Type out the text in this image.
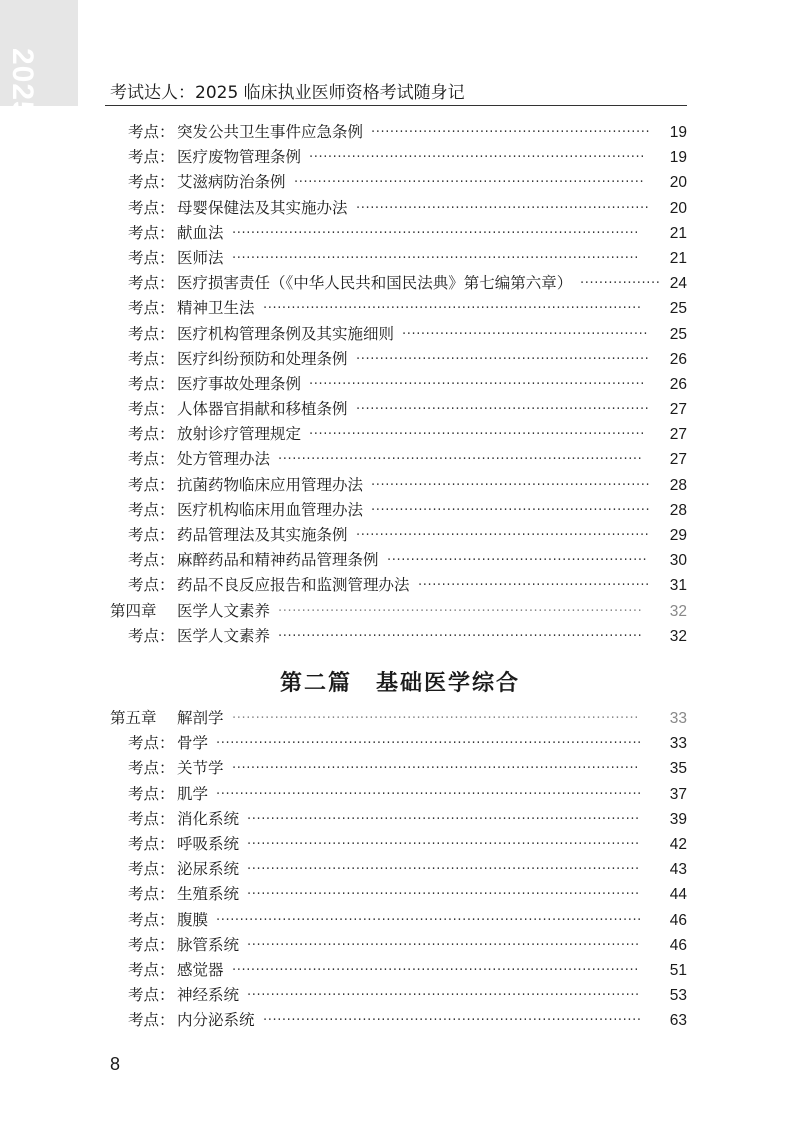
2025	考试达人：2025 临床执业医师资格考试随身记
考点： 突发公共卫生事件应急条例 ···························································	19
考点： 医疗废物管理条例 ·······································································	19
考点： 艾滋病防治条例 ··········································································	20
考点： 母婴保健法及其实施办法 ······························································	20
考点： 献血法 ······················································································	21
考点： 医师法 ······················································································	21
考点： 医疗损害责任（《中华人民共和国民法典》第七编第六章） ················· 24
考点： 精神卫生法 ················································································	25
考点： 医疗机构管理条例及其实施细则 ····················································	25
考点： 医疗纠纷预防和处理条例 ······························································	26
考点： 医疗事故处理条例 ·······································································	26
考点： 人体器官捐献和移植条例 ······························································	27
考点： 放射诊疗管理规定 ·······································································	27
考点： 处方管理办法 ·············································································	27
考点： 抗菌药物临床应用管理办法 ···························································	28
考点： 医疗机构临床用血管理办法 ···························································	28
考点： 药品管理法及其实施条例 ······························································	29
考点： 麻醉药品和精神药品管理条例 ·······················································	30
考点： 药品不良反应报告和监测管理办法 ·················································	31
第四章 医学人文素养 ·············································································	32
考点： 医学人文素养 ·············································································	32
第二篇　基础医学综合
第五章 解剖学 ······················································································	33
考点： 骨学 ··························································································	33
考点： 关节学 ······················································································	35
考点： 肌学 ··························································································	37
考点： 消化系统 ···················································································	39
考点： 呼吸系统 ···················································································	42
考点： 泌尿系统 ···················································································	43
考点： 生殖系统 ···················································································	44
考点： 腹膜 ··························································································	46
考点： 脉管系统 ···················································································	46
考点： 感觉器 ······················································································	51
考点： 神经系统 ···················································································	53
考点： 内分泌系统 ················································································	63
8
